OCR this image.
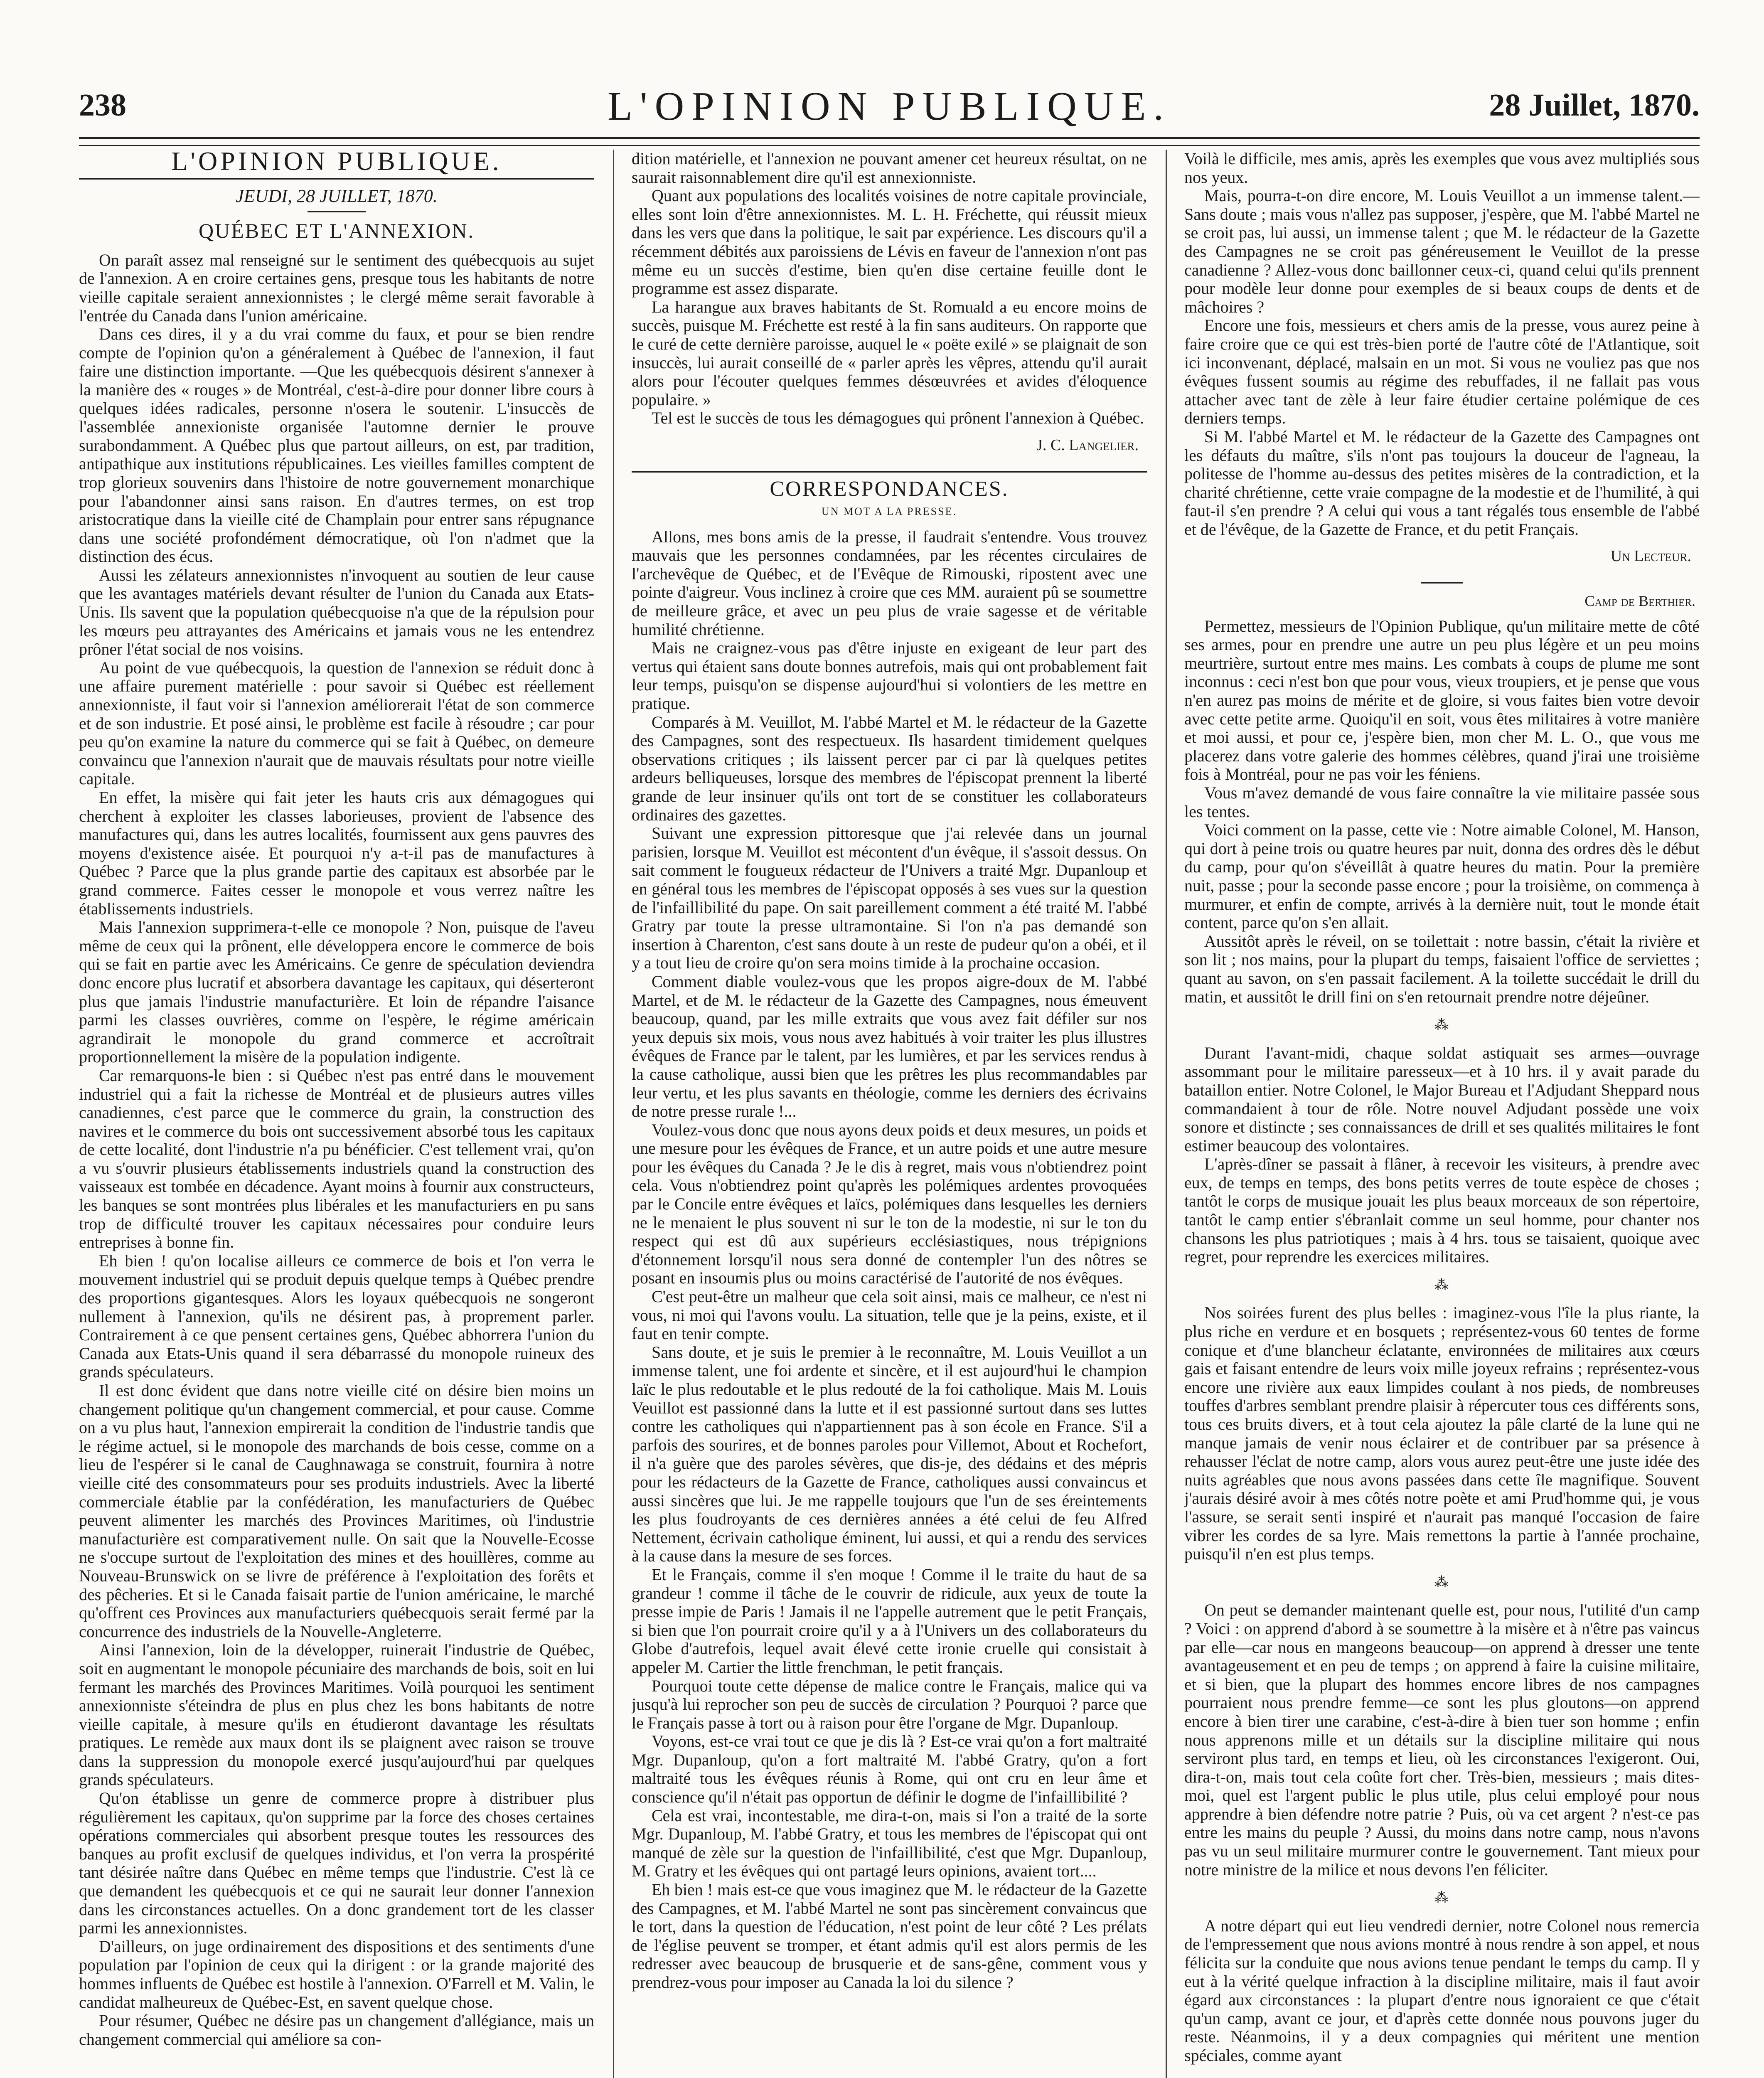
238	L'OPINION PUBLIQUE.	28 Juillet, 1870.
L'OPINION PUBLIQUE.
JEUDI, 28 JUILLET, 1870.
QUÉBEC ET L'ANNEXION.

On paraît assez mal renseigné sur le sentiment des québecquois au sujet de l'annexion. A en croire certaines gens, presque tous les habitants de notre vieille capitale seraient annexionnistes ; le clergé même serait favorable à l'entrée du Canada dans l'union américaine.

Dans ces dires, il y a du vrai comme du faux, et pour se bien rendre compte de l'opinion qu'on a généralement à Québec de l'annexion, il faut faire une distinction importante. —Que les québecquois désirent s'annexer à la manière des « rouges » de Montréal, c'est-à-dire pour donner libre cours à quelques idées radicales, personne n'osera le soutenir. L'insuccès de l'assemblée annexioniste organisée l'automne dernier le prouve surabondamment. A Québec plus que partout ailleurs, on est, par tradition, antipathique aux institutions républicaines. Les vieilles familles comptent de trop glorieux souvenirs dans l'histoire de notre gouvernement monarchique pour l'abandonner ainsi sans raison. En d'autres termes, on est trop aristocratique dans la vieille cité de Champlain pour entrer sans répugnance dans une société profondément démocratique, où l'on n'admet que la distinction des écus.

Aussi les zélateurs annexionnistes n'invoquent au soutien de leur cause que les avantages matériels devant résulter de l'union du Canada aux Etats-Unis. Ils savent que la population québecquoise n'a que de la répulsion pour les mœurs peu attrayantes des Américains et jamais vous ne les entendrez prôner l'état social de nos voisins.

Au point de vue québecquois, la question de l'annexion se réduit donc à une affaire purement matérielle : pour savoir si Québec est réellement annexionniste, il faut voir si l'annexion améliorerait l'état de son commerce et de son industrie. Et posé ainsi, le problème est facile à résoudre ; car pour peu qu'on examine la nature du commerce qui se fait à Québec, on demeure convaincu que l'annexion n'aurait que de mauvais résultats pour notre vieille capitale.

En effet, la misère qui fait jeter les hauts cris aux démagogues qui cherchent à exploiter les classes laborieuses, provient de l'absence des manufactures qui, dans les autres localités, fournissent aux gens pauvres des moyens d'existence aisée. Et pourquoi n'y a-t-il pas de manufactures à Québec ? Parce que la plus grande partie des capitaux est absorbée par le grand commerce. Faites cesser le monopole et vous verrez naître les établissements industriels.

Mais l'annexion supprimera-t-elle ce monopole ? Non, puisque de l'aveu même de ceux qui la prônent, elle développera encore le commerce de bois qui se fait en partie avec les Américains. Ce genre de spéculation deviendra donc encore plus lucratif et absorbera davantage les capitaux, qui déserteront plus que jamais l'industrie manufacturière. Et loin de répandre l'aisance parmi les classes ouvrières, comme on l'espère, le régime américain agrandirait le monopole du grand commerce et accroîtrait proportionnellement la misère de la population indigente.

Car remarquons-le bien : si Québec n'est pas entré dans le mouvement industriel qui a fait la richesse de Montréal et de plusieurs autres villes canadiennes, c'est parce que le commerce du grain, la construction des navires et le commerce du bois ont successivement absorbé tous les capitaux de cette localité, dont l'industrie n'a pu bénéficier. C'est tellement vrai, qu'on a vu s'ouvrir plusieurs établissements industriels quand la construction des vaisseaux est tombée en décadence. Ayant moins à fournir aux constructeurs, les banques se sont montrées plus libérales et les manufacturiers en pu sans trop de difficulté trouver les capitaux nécessaires pour conduire leurs entreprises à bonne fin.

Eh bien ! qu'on localise ailleurs ce commerce de bois et l'on verra le mouvement industriel qui se produit depuis quelque temps à Québec prendre des proportions gigantesques. Alors les loyaux québecquois ne songeront nullement à l'annexion, qu'ils ne désirent pas, à proprement parler. Contrairement à ce que pensent certaines gens, Québec abhorrera l'union du Canada aux Etats-Unis quand il sera débarrassé du monopole ruineux des grands spéculateurs.

Il est donc évident que dans notre vieille cité on désire bien moins un changement politique qu'un changement commercial, et pour cause. Comme on a vu plus haut, l'annexion empirerait la condition de l'industrie tandis que le régime actuel, si le monopole des marchands de bois cesse, comme on a lieu de l'espérer si le canal de Caughnawaga se construit, fournira à notre vieille cité des consommateurs pour ses produits industriels. Avec la liberté commerciale établie par la confédération, les manufacturiers de Québec peuvent alimenter les marchés des Provinces Maritimes, où l'industrie manufacturière est comparativement nulle. On sait que la Nouvelle-Ecosse ne s'occupe surtout de l'exploitation des mines et des houillères, comme au Nouveau-Brunswick on se livre de préférence à l'exploitation des forêts et des pêcheries. Et si le Canada faisait partie de l'union américaine, le marché qu'offrent ces Provinces aux manufacturiers québecquois serait fermé par la concurrence des industriels de la Nouvelle-Angleterre.

Ainsi l'annexion, loin de la développer, ruinerait l'industrie de Québec, soit en augmentant le monopole pécuniaire des marchands de bois, soit en lui fermant les marchés des Provinces Maritimes. Voilà pourquoi les sentiment annexionniste s'éteindra de plus en plus chez les bons habitants de notre vieille capitale, à mesure qu'ils en étudieront davantage les résultats pratiques. Le remède aux maux dont ils se plaignent avec raison se trouve dans la suppression du monopole exercé jusqu'aujourd'hui par quelques grands spéculateurs.

Qu'on établisse un genre de commerce propre à distribuer plus régulièrement les capitaux, qu'on supprime par la force des choses certaines opérations commerciales qui absorbent presque toutes les ressources des banques au profit exclusif de quelques individus, et l'on verra la prospérité tant désirée naître dans Québec en même temps que l'industrie. C'est là ce que demandent les québecquois et ce qui ne saurait leur donner l'annexion dans les circonstances actuelles. On a donc grandement tort de les classer parmi les annexionnistes.

D'ailleurs, on juge ordinairement des dispositions et des sentiments d'une population par l'opinion de ceux qui la dirigent : or la grande majorité des hommes influents de Québec est hostile à l'annexion. O'Farrell et M. Valin, le candidat malheureux de Québec-Est, en savent quelque chose.

Pour résumer, Québec ne désire pas un changement d'allégiance, mais un changement commercial qui améliore sa con-

dition matérielle, et l'annexion ne pouvant amener cet heureux résultat, on ne saurait raisonnablement dire qu'il est annexionniste.

Quant aux populations des localités voisines de notre capitale provinciale, elles sont loin d'être annexionnistes. M. L. H. Fréchette, qui réussit mieux dans les vers que dans la politique, le sait par expérience. Les discours qu'il a récemment débités aux paroissiens de Lévis en faveur de l'annexion n'ont pas même eu un succès d'estime, bien qu'en dise certaine feuille dont le programme est assez disparate.

La harangue aux braves habitants de St. Romuald a eu encore moins de succès, puisque M. Fréchette est resté à la fin sans auditeurs. On rapporte que le curé de cette dernière paroisse, auquel le « poëte exilé » se plaignait de son insuccès, lui aurait conseillé de « parler après les vêpres, attendu qu'il aurait alors pour l'écouter quelques femmes désœuvrées et avides d'éloquence populaire. »

Tel est le succès de tous les démagogues qui prônent l'annexion à Québec.

J. C. Langelier.
CORRESPONDANCES.
UN MOT A LA PRESSE.

Allons, mes bons amis de la presse, il faudrait s'entendre. Vous trouvez mauvais que les personnes condamnées, par les récentes circulaires de l'archevêque de Québec, et de l'Evêque de Rimouski, ripostent avec une pointe d'aigreur. Vous inclinez à croire que ces MM. auraient pû se soumettre de meilleure grâce, et avec un peu plus de vraie sagesse et de véritable humilité chrétienne.

Mais ne craignez-vous pas d'être injuste en exigeant de leur part des vertus qui étaient sans doute bonnes autrefois, mais qui ont probablement fait leur temps, puisqu'on se dispense aujourd'hui si volontiers de les mettre en pratique.

Comparés à M. Veuillot, M. l'abbé Martel et M. le rédacteur de la Gazette des Campagnes, sont des respectueux. Ils hasardent timidement quelques observations critiques ; ils laissent percer par ci par là quelques petites ardeurs belliqueuses, lorsque des membres de l'épiscopat prennent la liberté grande de leur insinuer qu'ils ont tort de se constituer les collaborateurs ordinaires des gazettes.

Suivant une expression pittoresque que j'ai relevée dans un journal parisien, lorsque M. Veuillot est mécontent d'un évêque, il s'assoit dessus. On sait comment le fougueux rédacteur de l'Univers a traité Mgr. Dupanloup et en général tous les membres de l'épiscopat opposés à ses vues sur la question de l'infaillibilité du pape. On sait pareillement comment a été traité M. l'abbé Gratry par toute la presse ultramontaine. Si l'on n'a pas demandé son insertion à Charenton, c'est sans doute à un reste de pudeur qu'on a obéi, et il y a tout lieu de croire qu'on sera moins timide à la prochaine occasion.

Comment diable voulez-vous que les propos aigre-doux de M. l'abbé Martel, et de M. le rédacteur de la Gazette des Campagnes, nous émeuvent beaucoup, quand, par les mille extraits que vous avez fait défiler sur nos yeux depuis six mois, vous nous avez habitués à voir traiter les plus illustres évêques de France par le talent, par les lumières, et par les services rendus à la cause catholique, aussi bien que les prêtres les plus recommandables par leur vertu, et les plus savants en théologie, comme les derniers des écrivains de notre presse rurale !...

Voulez-vous donc que nous ayons deux poids et deux mesures, un poids et une mesure pour les évêques de France, et un autre poids et une autre mesure pour les évêques du Canada ? Je le dis à regret, mais vous n'obtiendrez point cela. Vous n'obtiendrez point qu'après les polémiques ardentes provoquées par le Concile entre évêques et laïcs, polémiques dans lesquelles les derniers ne le menaient le plus souvent ni sur le ton de la modestie, ni sur le ton du respect qui est dû aux supérieurs ecclésiastiques, nous trépignions d'étonnement lorsqu'il nous sera donné de contempler l'un des nôtres se posant en insoumis plus ou moins caractérisé de l'autorité de nos évêques.

C'est peut-être un malheur que cela soit ainsi, mais ce malheur, ce n'est ni vous, ni moi qui l'avons voulu. La situation, telle que je la peins, existe, et il faut en tenir compte.

Sans doute, et je suis le premier à le reconnaître, M. Louis Veuillot a un immense talent, une foi ardente et sincère, et il est aujourd'hui le champion laïc le plus redoutable et le plus redouté de la foi catholique. Mais M. Louis Veuillot est passionné dans la lutte et il est passionné surtout dans ses luttes contre les catholiques qui n'appartiennent pas à son école en France. S'il a parfois des sourires, et de bonnes paroles pour Villemot, About et Rochefort, il n'a guère que des paroles sévères, que dis-je, des dédains et des mépris pour les rédacteurs de la Gazette de France, catholiques aussi convaincus et aussi sincères que lui. Je me rappelle toujours que l'un de ses éreintements les plus foudroyants de ces dernières années a été celui de feu Alfred Nettement, écrivain catholique éminent, lui aussi, et qui a rendu des services à la cause dans la mesure de ses forces.

Et le Français, comme il s'en moque ! Comme il le traite du haut de sa grandeur ! comme il tâche de le couvrir de ridicule, aux yeux de toute la presse impie de Paris ! Jamais il ne l'appelle autrement que le petit Français, si bien que l'on pourrait croire qu'il y a à l'Univers un des collaborateurs du Globe d'autrefois, lequel avait élevé cette ironie cruelle qui consistait à appeler M. Cartier the little frenchman, le petit français.

Pourquoi toute cette dépense de malice contre le Français, malice qui va jusqu'à lui reprocher son peu de succès de circulation ? Pourquoi ? parce que le Français passe à tort ou à raison pour être l'organe de Mgr. Dupanloup.

Voyons, est-ce vrai tout ce que je dis là ? Est-ce vrai qu'on a fort maltraité Mgr. Dupanloup, qu'on a fort maltraité M. l'abbé Gratry, qu'on a fort maltraité tous les évêques réunis à Rome, qui ont cru en leur âme et conscience qu'il n'était pas opportun de définir le dogme de l'infaillibilité ?

Cela est vrai, incontestable, me dira-t-on, mais si l'on a traité de la sorte Mgr. Dupanloup, M. l'abbé Gratry, et tous les membres de l'épiscopat qui ont manqué de zèle sur la question de l'infaillibilité, c'est que Mgr. Dupanloup, M. Gratry et les évêques qui ont partagé leurs opinions, avaient tort....

Eh bien ! mais est-ce que vous imaginez que M. le rédacteur de la Gazette des Campagnes, et M. l'abbé Martel ne sont pas sincèrement convaincus que le tort, dans la question de l'éducation, n'est point de leur côté ? Les prélats de l'église peuvent se tromper, et étant admis qu'il est alors permis de les redresser avec beaucoup de brusquerie et de sans-gêne, comment vous y prendrez-vous pour imposer au Canada la loi du silence ?

Voilà le difficile, mes amis, après les exemples que vous avez multipliés sous nos yeux.

Mais, pourra-t-on dire encore, M. Louis Veuillot a un immense talent.—Sans doute ; mais vous n'allez pas supposer, j'espère, que M. l'abbé Martel ne se croit pas, lui aussi, un immense talent ; que M. le rédacteur de la Gazette des Campagnes ne se croit pas généreusement le Veuillot de la presse canadienne ? Allez-vous donc baillonner ceux-ci, quand celui qu'ils prennent pour modèle leur donne pour exemples de si beaux coups de dents et de mâchoires ?

Encore une fois, messieurs et chers amis de la presse, vous aurez peine à faire croire que ce qui est très-bien porté de l'autre côté de l'Atlantique, soit ici inconvenant, déplacé, malsain en un mot. Si vous ne vouliez pas que nos évêques fussent soumis au régime des rebuffades, il ne fallait pas vous attacher avec tant de zèle à leur faire étudier certaine polémique de ces derniers temps.

Si M. l'abbé Martel et M. le rédacteur de la Gazette des Campagnes ont les défauts du maître, s'ils n'ont pas toujours la douceur de l'agneau, la politesse de l'homme au-dessus des petites misères de la contradiction, et la charité chrétienne, cette vraie compagne de la modestie et de l'humilité, à qui faut-il s'en prendre ? A celui qui vous a tant régalés tous ensemble de l'abbé et de l'évêque, de la Gazette de France, et du petit Français.

Un Lecteur.
Camp de Berthier.

Permettez, messieurs de l'Opinion Publique, qu'un militaire mette de côté ses armes, pour en prendre une autre un peu plus légère et un peu moins meurtrière, surtout entre mes mains. Les combats à coups de plume me sont inconnus : ceci n'est bon que pour vous, vieux troupiers, et je pense que vous n'en aurez pas moins de mérite et de gloire, si vous faites bien votre devoir avec cette petite arme. Quoiqu'il en soit, vous êtes militaires à votre manière et moi aussi, et pour ce, j'espère bien, mon cher M. L. O., que vous me placerez dans votre galerie des hommes célèbres, quand j'irai une troisième fois à Montréal, pour ne pas voir les féniens.

Vous m'avez demandé de vous faire connaître la vie militaire passée sous les tentes.

Voici comment on la passe, cette vie : Notre aimable Colonel, M. Hanson, qui dort à peine trois ou quatre heures par nuit, donna des ordres dès le début du camp, pour qu'on s'éveillât à quatre heures du matin. Pour la première nuit, passe ; pour la seconde passe encore ; pour la troisième, on commença à murmurer, et enfin de compte, arrivés à la dernière nuit, tout le monde était content, parce qu'on s'en allait.

Aussitôt après le réveil, on se toilettait : notre bassin, c'était la rivière et son lit ; nos mains, pour la plupart du temps, faisaient l'office de serviettes ; quant au savon, on s'en passait facilement. A la toilette succédait le drill du matin, et aussitôt le drill fini on s'en retournait prendre notre déjeûner.

⁂

Durant l'avant-midi, chaque soldat astiquait ses armes—ouvrage assommant pour le militaire paresseux—et à 10 hrs. il y avait parade du bataillon entier. Notre Colonel, le Major Bureau et l'Adjudant Sheppard nous commandaient à tour de rôle. Notre nouvel Adjudant possède une voix sonore et distincte ; ses connaissances de drill et ses qualités militaires le font estimer beaucoup des volontaires.

L'après-dîner se passait à flâner, à recevoir les visiteurs, à prendre avec eux, de temps en temps, des bons petits verres de toute espèce de choses ; tantôt le corps de musique jouait les plus beaux morceaux de son répertoire, tantôt le camp entier s'ébranlait comme un seul homme, pour chanter nos chansons les plus patriotiques ; mais à 4 hrs. tous se taisaient, quoique avec regret, pour reprendre les exercices militaires.

⁂

Nos soirées furent des plus belles : imaginez-vous l'île la plus riante, la plus riche en verdure et en bosquets ; représentez-vous 60 tentes de forme conique et d'une blancheur éclatante, environnées de militaires aux cœurs gais et faisant entendre de leurs voix mille joyeux refrains ; représentez-vous encore une rivière aux eaux limpides coulant à nos pieds, de nombreuses touffes d'arbres semblant prendre plaisir à répercuter tous ces différents sons, tous ces bruits divers, et à tout cela ajoutez la pâle clarté de la lune qui ne manque jamais de venir nous éclairer et de contribuer par sa présence à rehausser l'éclat de notre camp, alors vous aurez peut-être une juste idée des nuits agréables que nous avons passées dans cette île magnifique. Souvent j'aurais désiré avoir à mes côtés notre poète et ami Prud'homme qui, je vous l'assure, se serait senti inspiré et n'aurait pas manqué l'occasion de faire vibrer les cordes de sa lyre. Mais remettons la partie à l'année prochaine, puisqu'il n'en est plus temps.

⁂

On peut se demander maintenant quelle est, pour nous, l'utilité d'un camp ? Voici : on apprend d'abord à se soumettre à la misère et à n'être pas vaincus par elle—car nous en mangeons beaucoup—on apprend à dresser une tente avantageusement et en peu de temps ; on apprend à faire la cuisine militaire, et si bien, que la plupart des hommes encore libres de nos campagnes pourraient nous prendre femme—ce sont les plus gloutons—on apprend encore à bien tirer une carabine, c'est-à-dire à bien tuer son homme ; enfin nous apprenons mille et un détails sur la discipline militaire qui nous serviront plus tard, en temps et lieu, où les circonstances l'exigeront. Oui, dira-t-on, mais tout cela coûte fort cher. Très-bien, messieurs ; mais dites-moi, quel est l'argent public le plus utile, plus celui employé pour nous apprendre à bien défendre notre patrie ? Puis, où va cet argent ? n'est-ce pas entre les mains du peuple ? Aussi, du moins dans notre camp, nous n'avons pas vu un seul militaire murmurer contre le gouvernement. Tant mieux pour notre ministre de la milice et nous devons l'en féliciter.

⁂

A notre départ qui eut lieu vendredi dernier, notre Colonel nous remercia de l'empressement que nous avions montré à nous rendre à son appel, et nous félicita sur la conduite que nous avions tenue pendant le temps du camp. Il y eut à la vérité quelque infraction à la discipline militaire, mais il faut avoir égard aux circonstances : la plupart d'entre nous ignoraient ce que c'était qu'un camp, avant ce jour, et d'après cette donnée nous pouvons juger du reste. Néanmoins, il y a deux compagnies qui méritent une mention spéciales, comme ayant
